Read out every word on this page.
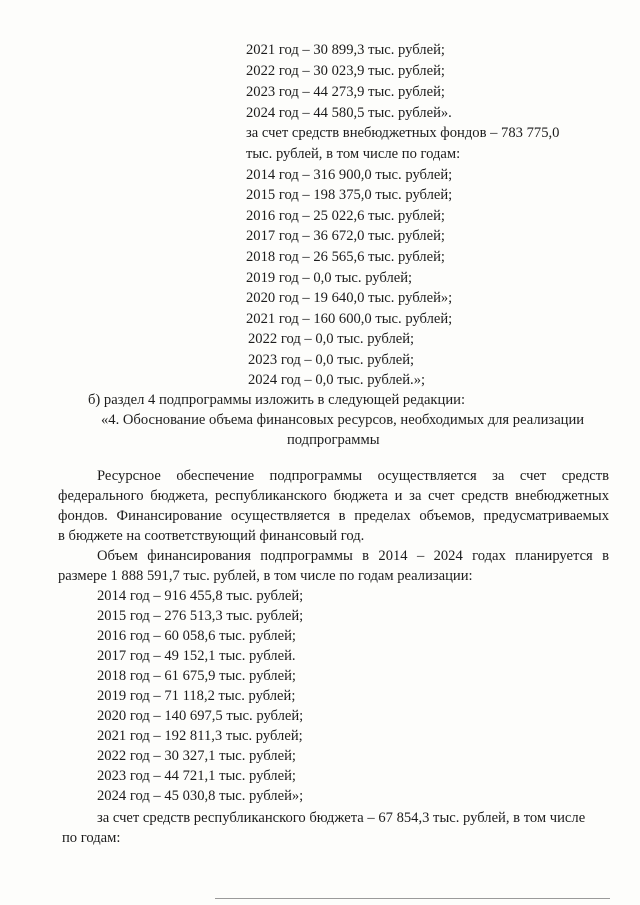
2021 год – 30 899,3 тыс. рублей;
2022 год – 30 023,9 тыс. рублей;
2023 год – 44 273,9 тыс. рублей;
2024 год – 44 580,5 тыс. рублей».
за счет средств внебюджетных фондов – 783 775,0
тыс. рублей, в том числе по годам:
2014 год – 316 900,0 тыс. рублей;
2015 год – 198 375,0 тыс. рублей;
2016 год – 25 022,6 тыс. рублей;
2017 год – 36 672,0 тыс. рублей;
2018 год – 26 565,6 тыс. рублей;
2019 год – 0,0 тыс. рублей;
2020 год – 19 640,0 тыс. рублей»;
2021 год – 160 600,0 тыс. рублей;
2022 год – 0,0 тыс. рублей;
2023 год – 0,0 тыс. рублей;
2024 год – 0,0 тыс. рублей.»;
б) раздел 4 подпрограммы изложить в следующей редакции:
«4. Обоснование объема финансовых ресурсов, необходимых для реализации
подпрограммы
Ресурсное обеспечение подпрограммы осуществляется за счет средств
федерального бюджета, республиканского бюджета и за счет средств внебюджетных
фондов. Финансирование осуществляется в пределах объемов, предусматриваемых
в бюджете на соответствующий финансовый год.
Объем финансирования подпрограммы в 2014 – 2024 годах планируется в
размере 1 888 591,7 тыс. рублей, в том числе по годам реализации:
2014 год – 916 455,8 тыс. рублей;
2015 год – 276 513,3 тыс. рублей;
2016 год – 60 058,6 тыс. рублей;
2017 год – 49 152,1 тыс. рублей.
2018 год – 61 675,9 тыс. рублей;
2019 год – 71 118,2 тыс. рублей;
2020 год – 140 697,5 тыс. рублей;
2021 год – 192 811,3 тыс. рублей;
2022 год – 30 327,1 тыс. рублей;
2023 год – 44 721,1 тыс. рублей;
2024 год – 45 030,8 тыс. рублей»;
за счет средств республиканского бюджета – 67 854,3 тыс. рублей, в том числе
по годам:
